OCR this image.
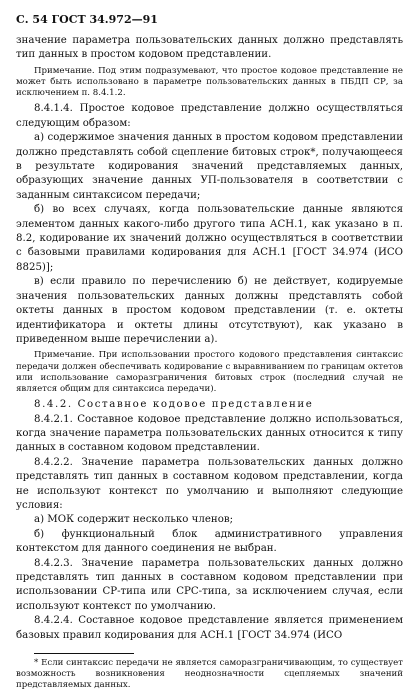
С. 54 ГОСТ 34.972—91

значение параметра пользовательских данных должно представлять тип данных в простом кодовом представлении.

Примечание. Под этим подразумевают, что простое кодовое представление не может быть использовано в параметре пользовательских данных в ПБДП СР, за исключением п. 8.4.1.2.

8.4.1.4. Простое кодовое представление должно осуществляться следующим образом:

а) содержимое значения данных в простом кодовом представлении должно представлять собой сцепление битовых строк*, получающееся в результате кодирования значений представляемых данных, образующих значение данных УП-пользователя в соответствии с заданным синтаксисом передачи;

б) во всех случаях, когда пользовательские данные являются элементом данных какого-либо другого типа АСН.1, как указано в п. 8.2, кодирование их значений должно осуществляться в соответствии с базовыми правилами кодирования для АСН.1 [ГОСТ 34.974 (ИСО 8825)];

в) если правило по перечислению б) не действует, кодируемые значения пользовательских данных должны представлять собой октеты данных в простом кодовом представлении (т. е. октеты идентификатора и октеты длины отсутствуют), как указано в приведенном выше перечислении а).

Примечание. При использовании простого кодового представления синтаксис передачи должен обеспечивать кодирование с выравниванием по границам октетов или использование саморазграничения битовых строк (последний случай не является общим для синтаксиса передачи).

8.4.2. Составное кодовое представление

8.4.2.1. Составное кодовое представление должно использоваться, когда значение параметра пользовательских данных относится к типу данных в составном кодовом представлении.

8.4.2.2. Значение параметра пользовательских данных должно представлять тип данных в составном кодовом представлении, когда не используют контекст по умолчанию и выполняют следующие условия:

а) МОК содержит несколько членов;

б) функциональный блок административного управления контекстом для данного соединения не выбран.

8.4.2.3. Значение параметра пользовательских данных должно представлять тип данных в составном кодовом представлении при использовании СР-типа или СРС-типа, за исключением случая, если используют контекст по умолчанию.

8.4.2.4. Составное кодовое представление является применением базовых правил кодирования для АСН.1 [ГОСТ 34.974 (ИСО

* Если синтаксис передачи не является саморазграничивающим, то существует возможность возникновения неоднозначности сцепляемых значений представляемых данных.
